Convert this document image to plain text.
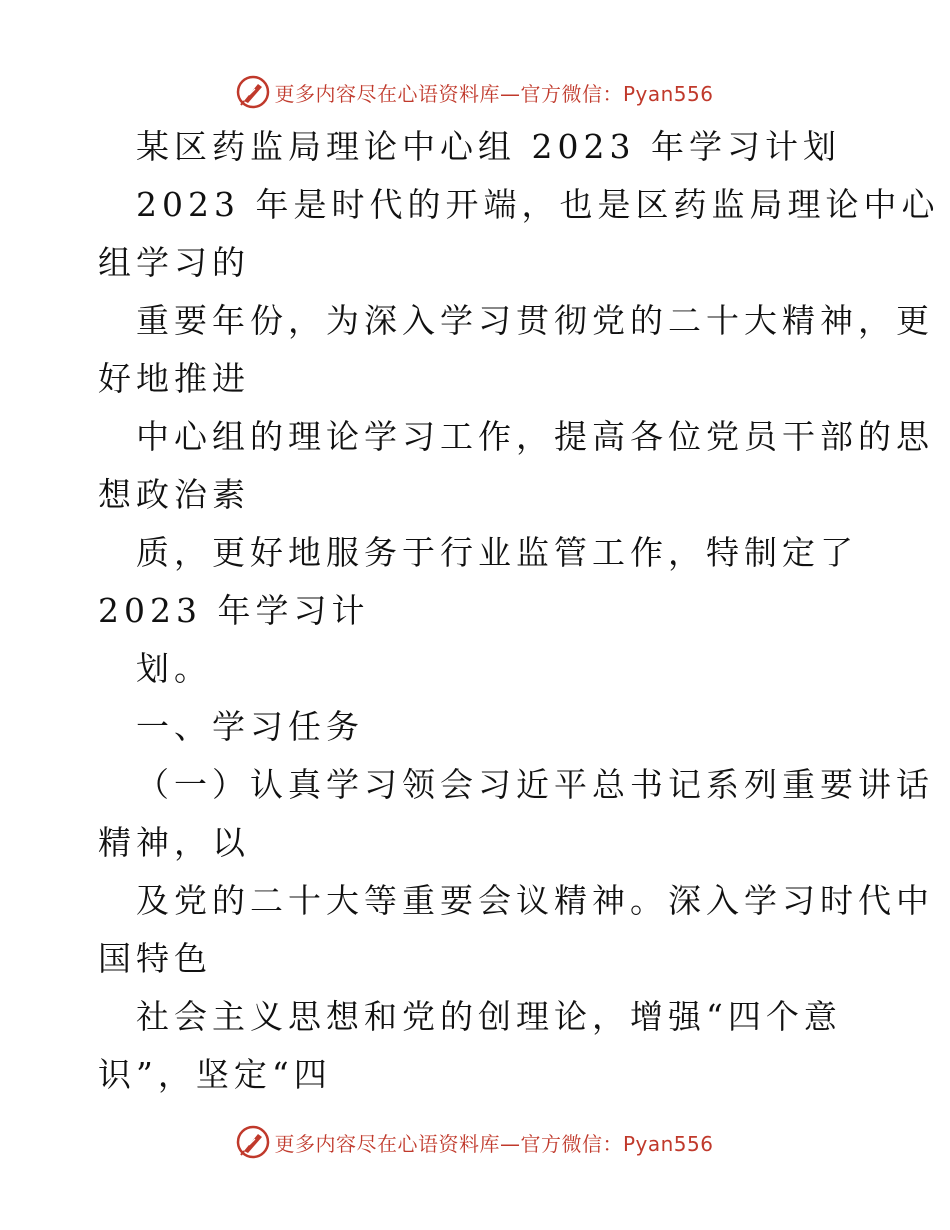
更多内容尽在心语资料库—官方微信：Pyan556
某区药监局理论中心组 2023 年学习计划
2023 年是时代的开端，也是区药监局理论中心
组学习的
重要年份，为深入学习贯彻党的二十大精神，更
好地推进
中心组的理论学习工作，提高各位党员干部的思
想政治素
质，更好地服务于行业监管工作，特制定了
2023 年学习计
划。
一、学习任务
（一）认真学习领会习近平总书记系列重要讲话
精神，以
及党的二十大等重要会议精神。深入学习时代中
国特色
社会主义思想和党的创理论，增强“四个意
识”，坚定“四
更多内容尽在心语资料库—官方微信：Pyan556
